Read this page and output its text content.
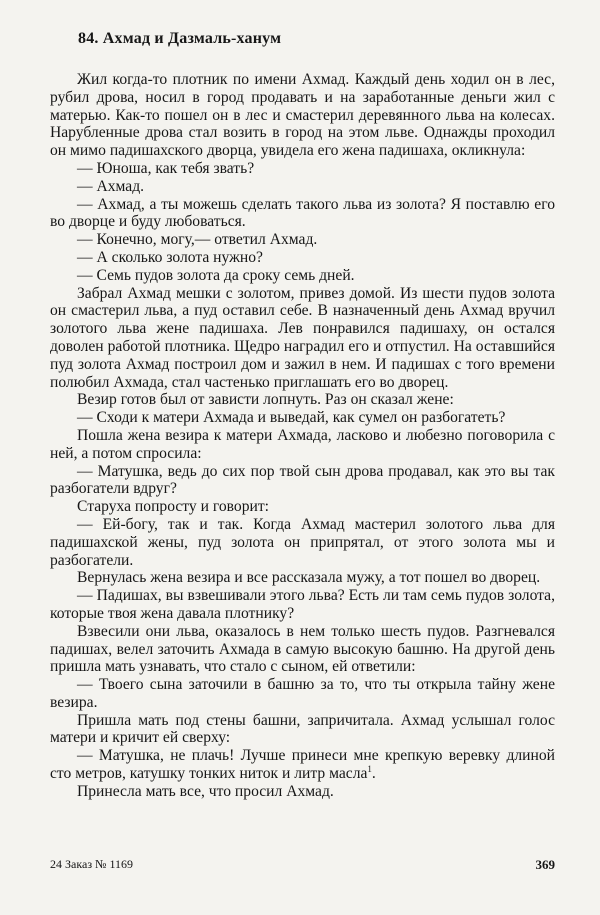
84. Ахмад и Дазмаль-ханум

Жил когда-то плотник по имени Ахмад. Каждый день ходил он в лес, рубил дрова, носил в город продавать и на заработанные деньги жил с матерью. Как-то пошел он в лес и смастерил деревянного льва на колесах. Нарубленные дрова стал возить в город на этом льве. Однажды проходил он мимо падишахского дворца, увидела его жена падишаха, окликнула:

— Юноша, как тебя звать?

— Ахмад.

— Ахмад, а ты можешь сделать такого льва из золота? Я поставлю его во дворце и буду любоваться.

— Конечно, могу,— ответил Ахмад.

— А сколько золота нужно?

— Семь пудов золота да сроку семь дней.

Забрал Ахмад мешки с золотом, привез домой. Из шести пудов золота он смастерил льва, а пуд оставил себе. В назначенный день Ахмад вручил золотого льва жене падишаха. Лев понравился падишаху, он остался доволен работой плотника. Щедро наградил его и отпустил. На оставшийся пуд золота Ахмад построил дом и зажил в нем. И падишах с того времени полюбил Ахмада, стал частенько приглашать его во дворец.

Везир готов был от зависти лопнуть. Раз он сказал жене:

— Сходи к матери Ахмада и выведай, как сумел он разбогатеть?

Пошла жена везира к матери Ахмада, ласково и любезно поговорила с ней, а потом спросила:

— Матушка, ведь до сих пор твой сын дрова продавал, как это вы так разбогатели вдруг?

Старуха попросту и говорит:

— Ей-богу, так и так. Когда Ахмад мастерил золотого льва для падишахской жены, пуд золота он припрятал, от этого золота мы и разбогатели.

Вернулась жена везира и все рассказала мужу, а тот пошел во дворец.

— Падишах, вы взвешивали этого льва? Есть ли там семь пудов золота, которые твоя жена давала плотнику?

Взвесили они льва, оказалось в нем только шесть пудов. Разгневался падишах, велел заточить Ахмада в самую высокую башню. На другой день пришла мать узнавать, что стало с сыном, ей ответили:

— Твоего сына заточили в башню за то, что ты открыла тайну жене везира.

Пришла мать под стены башни, запричитала. Ахмад услышал голос матери и кричит ей сверху:

— Матушка, не плачь! Лучше принеси мне крепкую веревку длиной сто метров, катушку тонких ниток и литр масла$^1$.

Принесла мать все, что просил Ахмад.

24 Заказ № 1169	369
